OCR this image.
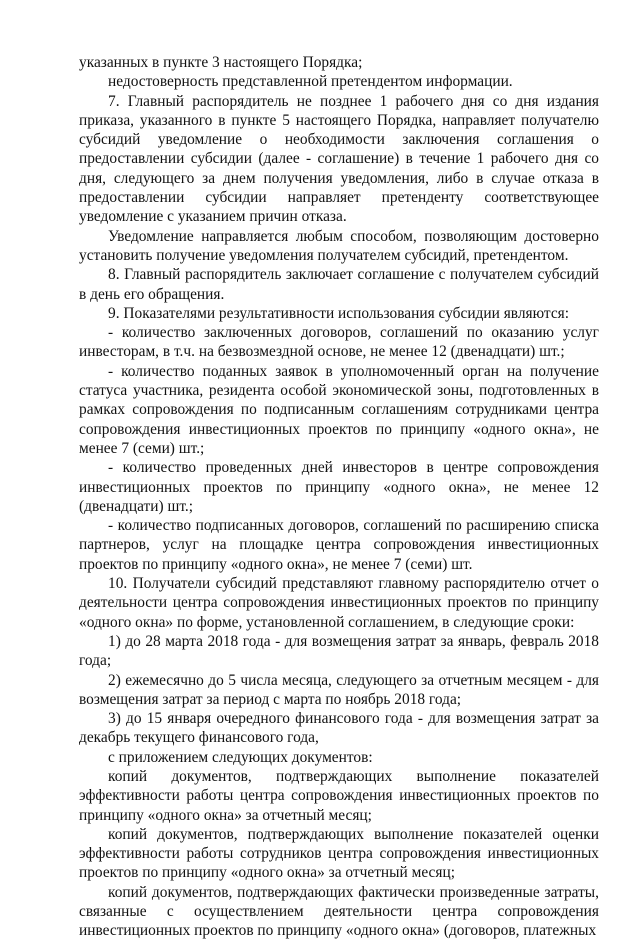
указанных в пункте 3 настоящего Порядка;

недостоверность представленной претендентом информации.

7. Главный распорядитель не позднее 1 рабочего дня со дня издания приказа, указанного в пункте 5 настоящего Порядка, направляет получателю субсидий уведомление о необходимости заключения соглашения о предоставлении субсидии (далее - соглашение) в течение 1 рабочего дня со дня, следующего за днем получения уведомления, либо в случае отказа в предоставлении субсидии направляет претенденту соответствующее уведомление с указанием причин отказа.

Уведомление направляется любым способом, позволяющим достоверно установить получение уведомления получателем субсидий, претендентом.

8. Главный распорядитель заключает соглашение с получателем субсидий в день его обращения.

9. Показателями результативности использования субсидии являются:

- количество заключенных договоров, соглашений по оказанию услуг инвесторам, в т.ч. на безвозмездной основе, не менее 12 (двенадцати) шт.;

- количество поданных заявок в уполномоченный орган на получение статуса участника, резидента особой экономической зоны, подготовленных в рамках сопровождения по подписанным соглашениям сотрудниками центра сопровождения инвестиционных проектов по принципу «одного окна», не менее 7 (семи) шт.;

- количество проведенных дней инвесторов в центре сопровождения инвестиционных проектов по принципу «одного окна», не менее 12 (двенадцати) шт.;

- количество подписанных договоров, соглашений по расширению списка партнеров, услуг на площадке центра сопровождения инвестиционных проектов по принципу «одного окна», не менее 7 (семи) шт.

10. Получатели субсидий представляют главному распорядителю отчет о деятельности центра сопровождения инвестиционных проектов по принципу «одного окна» по форме, установленной соглашением, в следующие сроки:

1) до 28 марта 2018 года - для возмещения затрат за январь, февраль 2018 года;

2) ежемесячно до 5 числа месяца, следующего за отчетным месяцем - для возмещения затрат за период с марта по ноябрь 2018 года;

3) до 15 января очередного финансового года - для возмещения затрат за декабрь текущего финансового года,

с приложением следующих документов:

копий документов, подтверждающих выполнение показателей эффективности работы центра сопровождения инвестиционных проектов по принципу «одного окна» за отчетный месяц;

копий документов, подтверждающих выполнение показателей оценки эффективности работы сотрудников центра сопровождения инвестиционных проектов по принципу «одного окна» за отчетный месяц;

копий документов, подтверждающих фактически произведенные затраты, связанные с осуществлением деятельности центра сопровождения инвестиционных проектов по принципу «одного окна» (договоров, платежных
